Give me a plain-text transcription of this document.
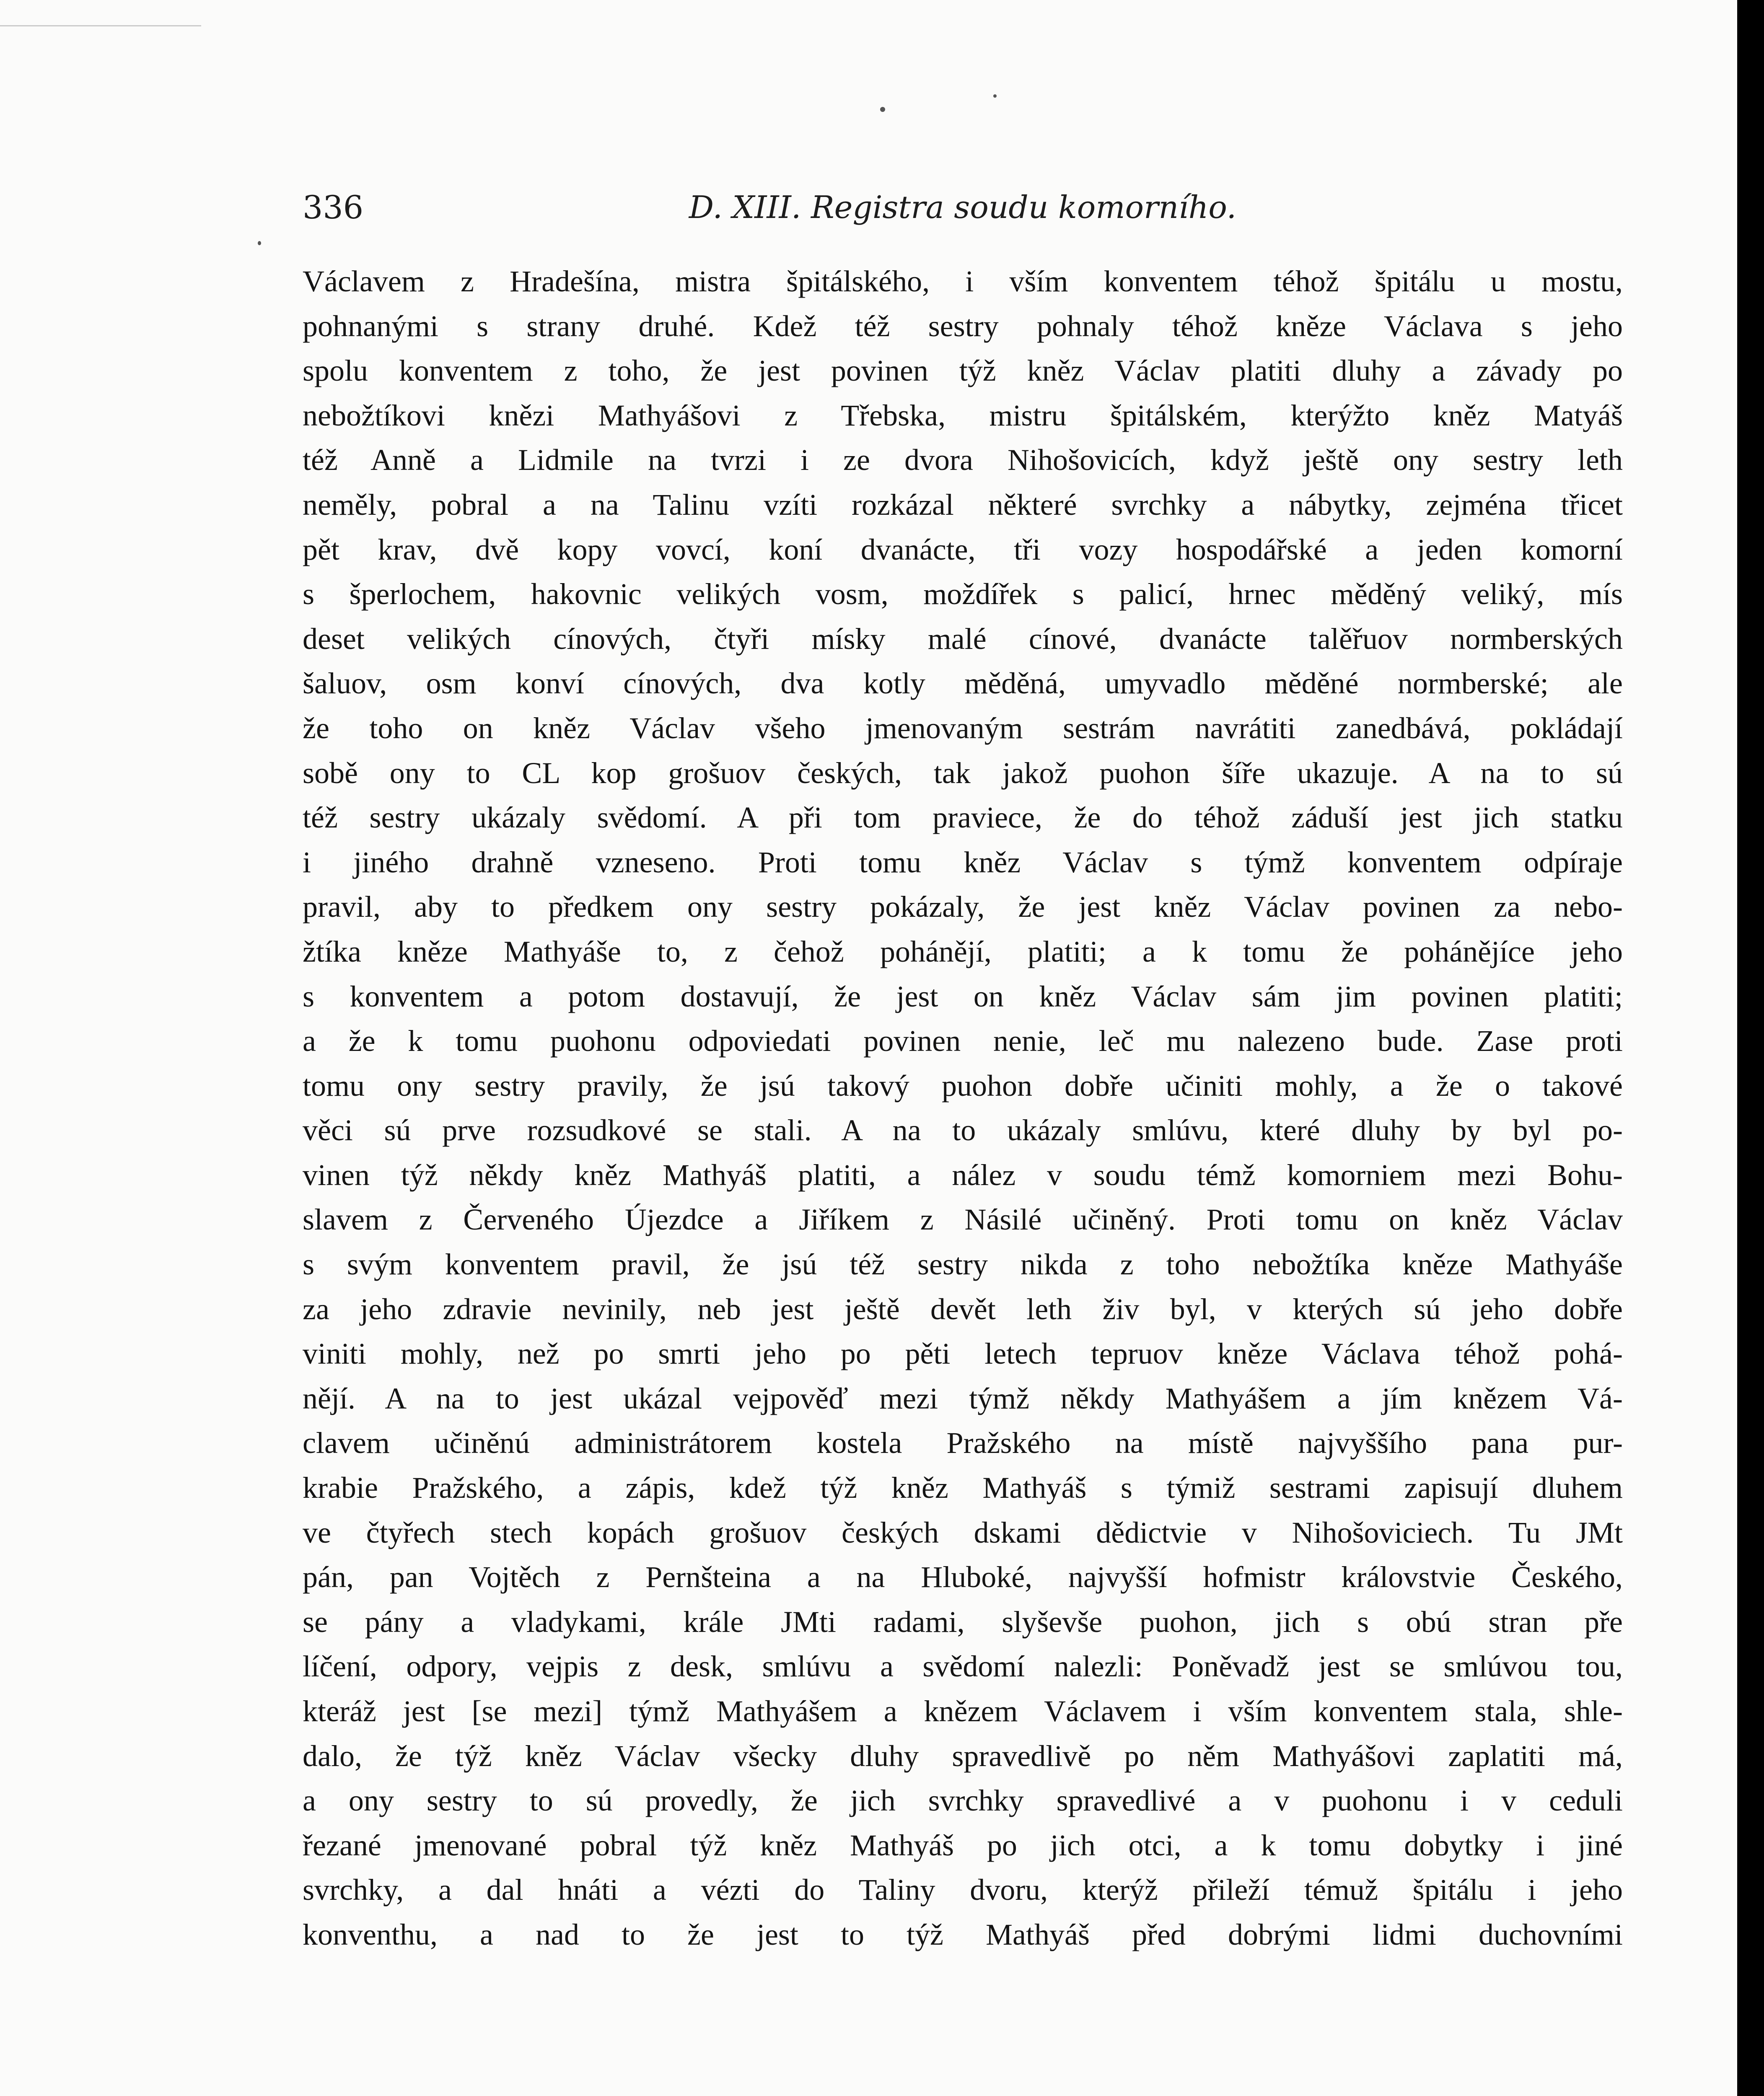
336	D. XIII. Registra soudu komorního.
Václavem z Hradešína, mistra špitálského, i vším konventem téhož špitálu u mostu,
pohnanými s strany druhé. Kdež též sestry pohnaly téhož kněze Václava s jeho
spolu konventem z toho, že jest povinen týž kněz Václav platiti dluhy a závady po
nebožtíkovi knězi Mathyášovi z Třebska, mistru špitálském, kterýžto kněz Matyáš
též Anně a Lidmile na tvrzi i ze dvora Nihošovicích, když ještě ony sestry leth
neměly, pobral a na Talinu vzíti rozkázal některé svrchky a nábytky, zejména třicet
pět krav, dvě kopy vovcí, koní dvanácte, tři vozy hospodářské a jeden komorní
s šperlochem, hakovnic velikých vosm, moždířek s palicí, hrnec měděný veliký, mís
deset velikých cínových, čtyři mísky malé cínové, dvanácte talěřuov normberských
šaluov, osm konví cínových, dva kotly měděná, umyvadlo měděné normberské; ale
že toho on kněz Václav všeho jmenovaným sestrám navrátiti zanedbává, pokládají
sobě ony to CL kop grošuov českých, tak jakož puohon šíře ukazuje. A na to sú
též sestry ukázaly svědomí. A při tom praviece, že do téhož záduší jest jich statku
i jiného drahně vzneseno. Proti tomu kněz Václav s týmž konventem odpíraje
pravil, aby to předkem ony sestry pokázaly, že jest kněz Václav povinen za nebo-
žtíka kněze Mathyáše to, z čehož pohánějí, platiti; a k tomu že pohánějíce jeho
s konventem a potom dostavují, že jest on kněz Václav sám jim povinen platiti;
a že k tomu puohonu odpoviedati povinen nenie, leč mu nalezeno bude. Zase proti
tomu ony sestry pravily, že jsú takový puohon dobře učiniti mohly, a že o takové
věci sú prve rozsudkové se stali. A na to ukázaly smlúvu, které dluhy by byl po-
vinen týž někdy kněz Mathyáš platiti, a nález v soudu témž komorniem mezi Bohu-
slavem z Červeného Újezdce a Jiříkem z Násilé učiněný. Proti tomu on kněz Václav
s svým konventem pravil, že jsú též sestry nikda z toho nebožtíka kněze Mathyáše
za jeho zdravie nevinily, neb jest ještě devět leth živ byl, v kterých sú jeho dobře
viniti mohly, než po smrti jeho po pěti letech tepruov kněze Václava téhož pohá-
nějí. A na to jest ukázal vejpověď mezi týmž někdy Mathyášem a jím knězem Vá-
clavem učiněnú administrátorem kostela Pražského na místě najvyššího pana pur-
krabie Pražského, a zápis, kdež týž kněz Mathyáš s týmiž sestrami zapisují dluhem
ve čtyřech stech kopách grošuov českých dskami dědictvie v Nihošoviciech. Tu JMt
pán, pan Vojtěch z Pernšteina a na Hluboké, najvyšší hofmistr královstvie Českého,
se pány a vladykami, krále JMti radami, slyševše puohon, jich s obú stran pře
líčení, odpory, vejpis z desk, smlúvu a svědomí nalezli: Poněvadž jest se smlúvou tou,
kteráž jest [se mezi] týmž Mathyášem a knězem Václavem i vším konventem stala, shle-
dalo, že týž kněz Václav všecky dluhy spravedlivě po něm Mathyášovi zaplatiti má,
a ony sestry to sú provedly, že jich svrchky spravedlivé a v puohonu i v ceduli
řezané jmenované pobral týž kněz Mathyáš po jich otci, a k tomu dobytky i jiné
svrchky, a dal hnáti a vézti do Taliny dvoru, kterýž přileží témuž špitálu i jeho
konventhu, a nad to že jest to týž Mathyáš před dobrými lidmi duchovními
